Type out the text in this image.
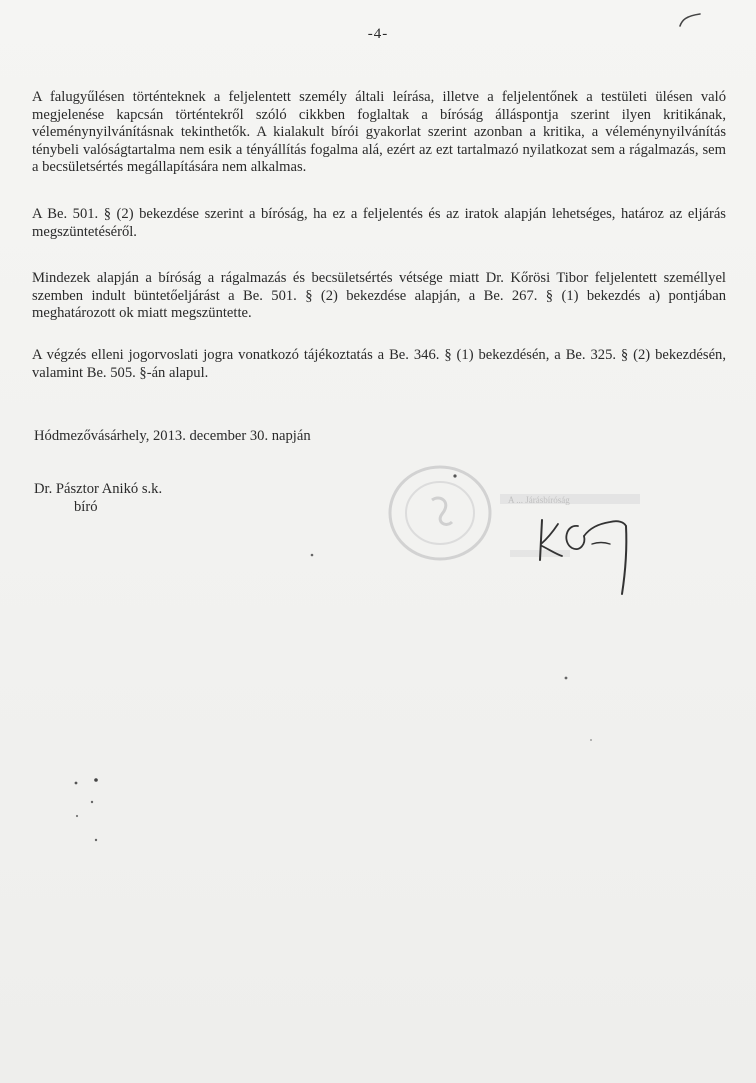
-4-

A falugyűlésen történteknek a feljelentett személy általi leírása, illetve a feljelentőnek a testületi ülésen való megjelenése kapcsán történtekről szóló cikkben foglaltak a bíróság álláspontja szerint ilyen kritikának, véleménynyilvánításnak tekinthetők. A kialakult bírói gyakorlat szerint azonban a kritika, a véleménynyilvánítás ténybeli valóságtartalma nem esik a tényállítás fogalma alá, ezért az ezt tartalmazó nyilatkozat sem a rágalmazás, sem a becsületsértés megállapítására nem alkalmas.

A Be. 501. § (2) bekezdése szerint a bíróság, ha ez a feljelentés és az iratok alapján lehetséges, határoz az eljárás megszüntetéséről.

Mindezek alapján a bíróság a rágalmazás és becsületsértés vétsége miatt Dr. Kőrösi Tibor feljelentett személlyel szemben indult büntetőeljárást a Be. 501. § (2) bekezdése alapján, a Be. 267. § (1) bekezdés a) pontjában meghatározott ok miatt megszüntette.

A végzés elleni jogorvoslati jogra vonatkozó tájékoztatás a Be. 346. § (1) bekezdésén, a Be. 325. § (2) bekezdésén, valamint Be. 505. §-án alapul.

Hódmezővásárhely, 2013. december 30. napján
Dr. Pásztor Anikó s.k.
bíró	A ... Járásbíróság
